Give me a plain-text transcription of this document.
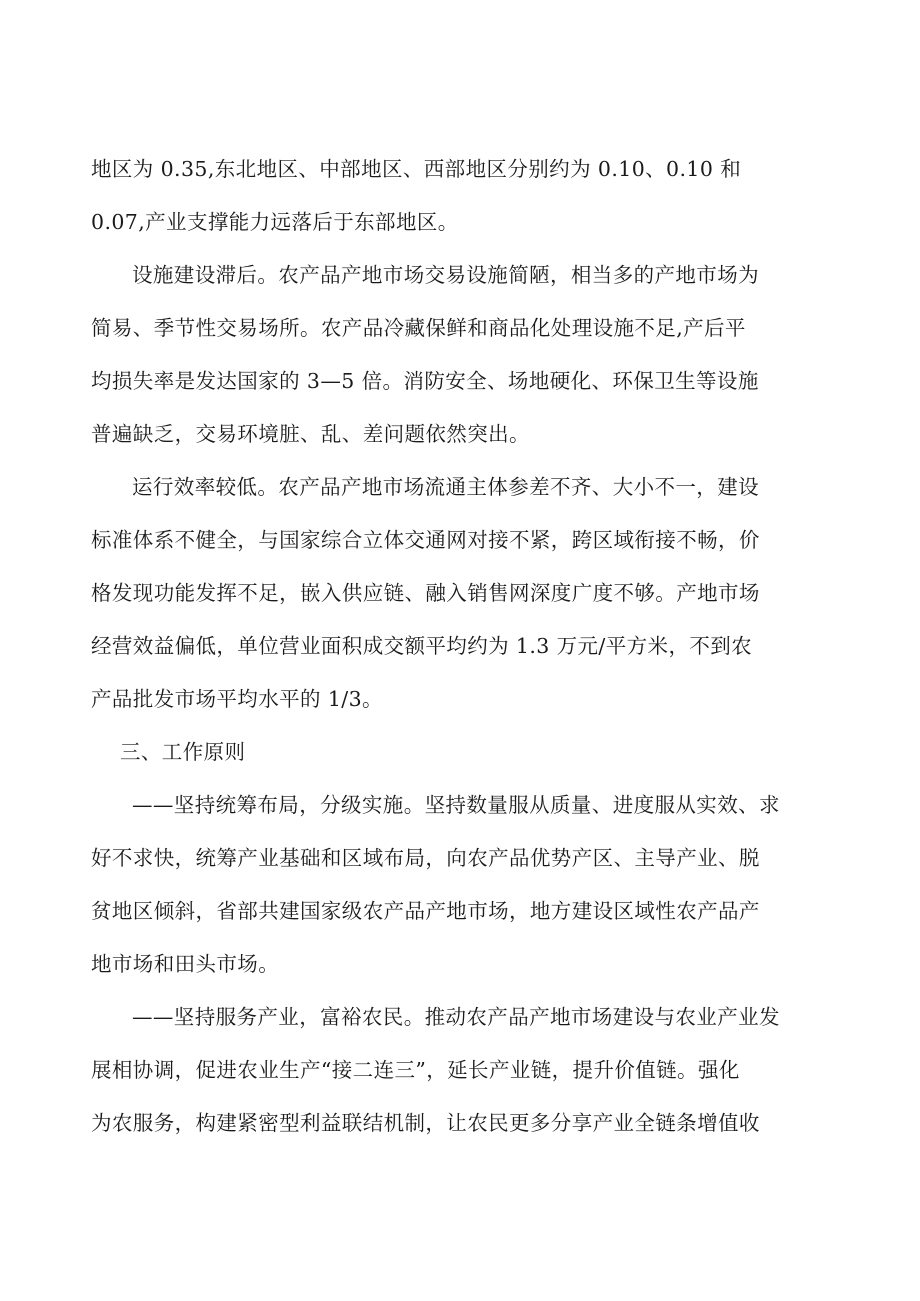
地区为 0.35,东北地区、中部地区、西部地区分别约为 0.10、0.10 和
0.07,产业支撑能力远落后于东部地区。
设施建设滞后。农产品产地市场交易设施简陋，相当多的产地市场为
简易、季节性交易场所。农产品冷藏保鲜和商品化处理设施不足,产后平
均损失率是发达国家的 3—5 倍。消防安全、场地硬化、环保卫生等设施
普遍缺乏，交易环境脏、乱、差问题依然突出。
运行效率较低。农产品产地市场流通主体参差不齐、大小不一，建设
标准体系不健全，与国家综合立体交通网对接不紧，跨区域衔接不畅，价
格发现功能发挥不足，嵌入供应链、融入销售网深度广度不够。产地市场
经营效益偏低，单位营业面积成交额平均约为 1.3 万元/平方米，不到农
产品批发市场平均水平的 1/3。
三、工作原则
——坚持统筹布局，分级实施。坚持数量服从质量、进度服从实效、求
好不求快，统筹产业基础和区域布局，向农产品优势产区、主导产业、脱
贫地区倾斜，省部共建国家级农产品产地市场，地方建设区域性农产品产
地市场和田头市场。
——坚持服务产业，富裕农民。推动农产品产地市场建设与农业产业发
展相协调，促进农业生产“接二连三”，延长产业链，提升价值链。强化
为农服务，构建紧密型利益联结机制，让农民更多分享产业全链条增值收
